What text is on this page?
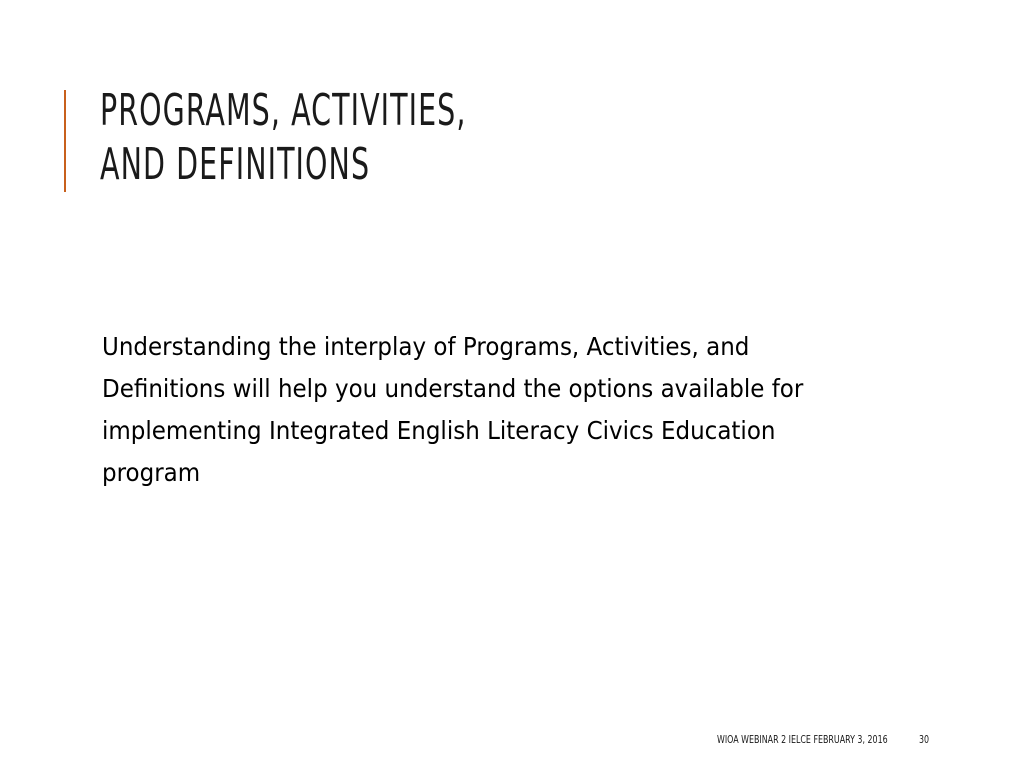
PROGRAMS, ACTIVITIES,
AND DEFINITIONS

Understanding the interplay of Programs, Activities, and Definitions will help you understand the options available for implementing Integrated English Literacy Civics Education program

WIOA WEBINAR 2 IELCE FEBRUARY 3, 2016	30
